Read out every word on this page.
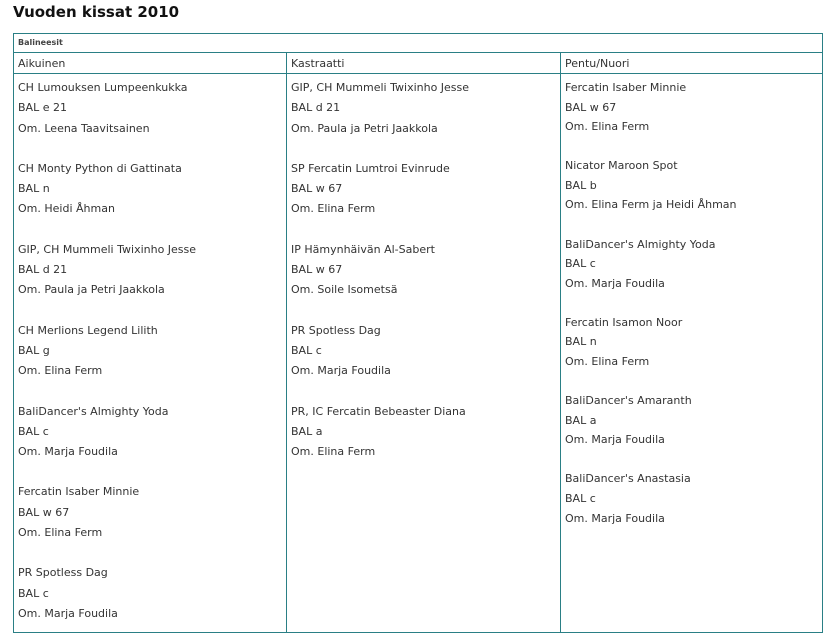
Vuoden kissat 2010
Balineesit
Aikuinen
CH Lumouksen Lumpeenkukka
BAL e 21
Om. Leena Taavitsainen
CH Monty Python di Gattinata
BAL n
Om. Heidi Åhman
GIP, CH Mummeli Twixinho Jesse
BAL d 21
Om. Paula ja Petri Jaakkola
CH Merlions Legend Lilith
BAL g
Om. Elina Ferm
BaliDancer's Almighty Yoda
BAL c
Om. Marja Foudila
Fercatin Isaber Minnie
BAL w 67
Om. Elina Ferm
PR Spotless Dag
BAL c
Om. Marja Foudila
Kastraatti
GIP, CH Mummeli Twixinho Jesse
BAL d 21
Om. Paula ja Petri Jaakkola
SP Fercatin Lumtroi Evinrude
BAL w 67
Om. Elina Ferm
IP Hämynhäivän Al-Sabert
BAL w 67
Om. Soile Isometsä
PR Spotless Dag
BAL c
Om. Marja Foudila
PR, IC Fercatin Bebeaster Diana
BAL a
Om. Elina Ferm
Pentu/Nuori
Fercatin Isaber Minnie
BAL w 67
Om. Elina Ferm
Nicator Maroon Spot
BAL b
Om. Elina Ferm ja Heidi Åhman
BaliDancer's Almighty Yoda
BAL c
Om. Marja Foudila
Fercatin Isamon Noor
BAL n
Om. Elina Ferm
BaliDancer's Amaranth
BAL a
Om. Marja Foudila
BaliDancer's Anastasia
BAL c
Om. Marja Foudila
